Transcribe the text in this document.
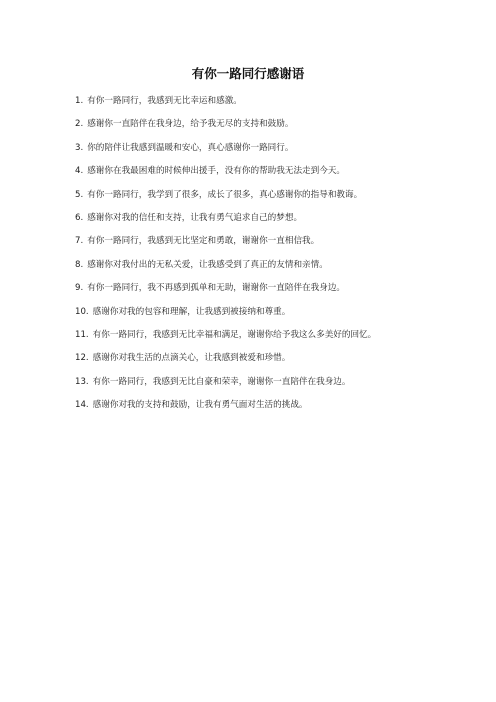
有你一路同行感谢语
1. 有你一路同行，我感到无比幸运和感激。
2. 感谢你一直陪伴在我身边，给予我无尽的支持和鼓励。
3. 你的陪伴让我感到温暖和安心，真心感谢你一路同行。
4. 感谢你在我最困难的时候伸出援手，没有你的帮助我无法走到今天。
5. 有你一路同行，我学到了很多，成长了很多，真心感谢你的指导和教诲。
6. 感谢你对我的信任和支持，让我有勇气追求自己的梦想。
7. 有你一路同行，我感到无比坚定和勇敢，谢谢你一直相信我。
8. 感谢你对我付出的无私关爱，让我感受到了真正的友情和亲情。
9. 有你一路同行，我不再感到孤单和无助，谢谢你一直陪伴在我身边。
10. 感谢你对我的包容和理解，让我感到被接纳和尊重。
11. 有你一路同行，我感到无比幸福和满足，谢谢你给予我这么多美好的回忆。
12. 感谢你对我生活的点滴关心，让我感到被爱和珍惜。
13. 有你一路同行，我感到无比自豪和荣幸，谢谢你一直陪伴在我身边。
14. 感谢你对我的支持和鼓励，让我有勇气面对生活的挑战。
